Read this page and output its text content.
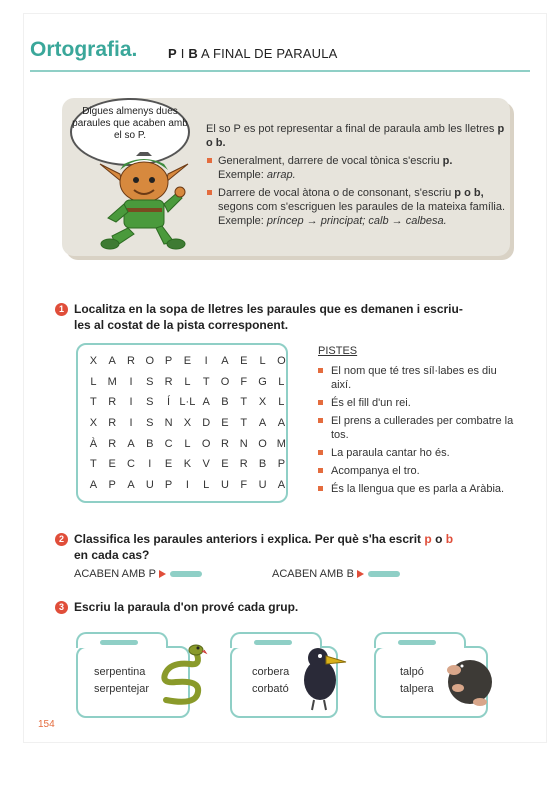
Ortografia. P I B A FINAL DE PARAULA
Digues almenys dues paraules que acaben amb el so P.
El so P es pot representar a final de paraula amb les lletres p o b.
Generalment, darrere de vocal tònica s'escriu p.
Exemple: arrap.
Darrere de vocal àtona o de consonant, s'escriu p o b, segons com s'escriguen les paraules de la mateixa família. Exemple: príncep → principat; calb → calbesa.
1 Localitza en la sopa de lletres les paraules que es demanen i escriu-les al costat de la pista corresponent.
X	A	R	O	P	E	I	A	E	L	O
L	M	I	S	R	L	T	O	F	G	L
T	R	I	S	Í	L·L	A	B	T	X	L
X	R	I	S	N	X	D	E	T	A	A
À	R	A	B	C	L	O	R	N	O	M
T	E	C	I	E	K	V	E	R	B	P
A	P	A	U	P	I	L	U	F	U	A
PISTES
El nom que té tres síl·labes es diu així.
És el fill d'un rei.
El prens a cullerades per combatre la tos.
La paraula cantar ho és.
Acompanya el tro.
És la llengua que es parla a Aràbia.
2 Classifica les paraules anteriors i explica. Per què s'ha escrit p o b
en cada cas?
ACABEN AMB P	ACABEN AMB B
3 Escriu la paraula d'on prové cada grup.
serpentina
serpentejar
corbera
corbató
talpó
talpera
154
